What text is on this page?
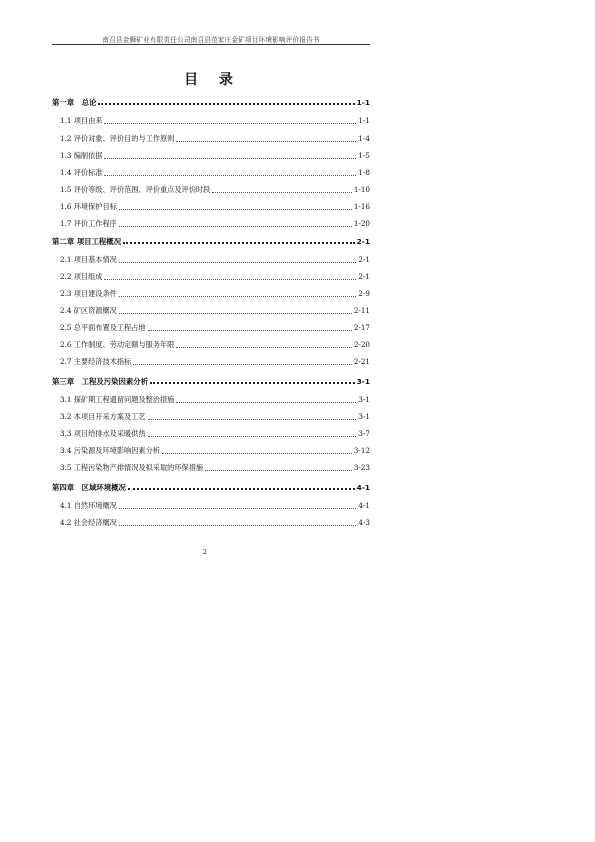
南召县金狮矿业有限责任公司南召县范家庄金矿项目环境影响评价报告书
目 录
第一章　总论	1-1
1.1 项目由来	1-1
1.2 评价对象、评价目的与工作原则	1-4
1.3 编制依据	1-5
1.4 评价标准	1-8
1.5 评价等级、评价范围、评价重点及评价时段	1-10
1.6 环境保护目标	1-16
1.7 评价工作程序	1-20
第二章 项目工程概况	2-1
2.1 项目基本情况	2-1
2.2 项目组成	2-1
2.3 项目建设条件	2-9
2.4 矿区资源概况	2-11
2.5 总平面布置及工程占地	2-17
2.6 工作制度、劳动定额与服务年限	2-20
2.7 主要经济技术指标	2-21
第三章　工程及污染因素分析	3-1
3.1 探矿期工程遗留问题及整治措施	3-1
3.2 本项目开采方案及工艺	3-1
3.3 项目给排水及采暖供热	3-7
3.4 污染源及环境影响因素分析	3-12
3.5 工程污染物产排情况及拟采取的环保措施	3-23
第四章　区域环境概况	4-1
4.1 自然环境概况	4-1
4.2 社会经济概况	4-3
2
